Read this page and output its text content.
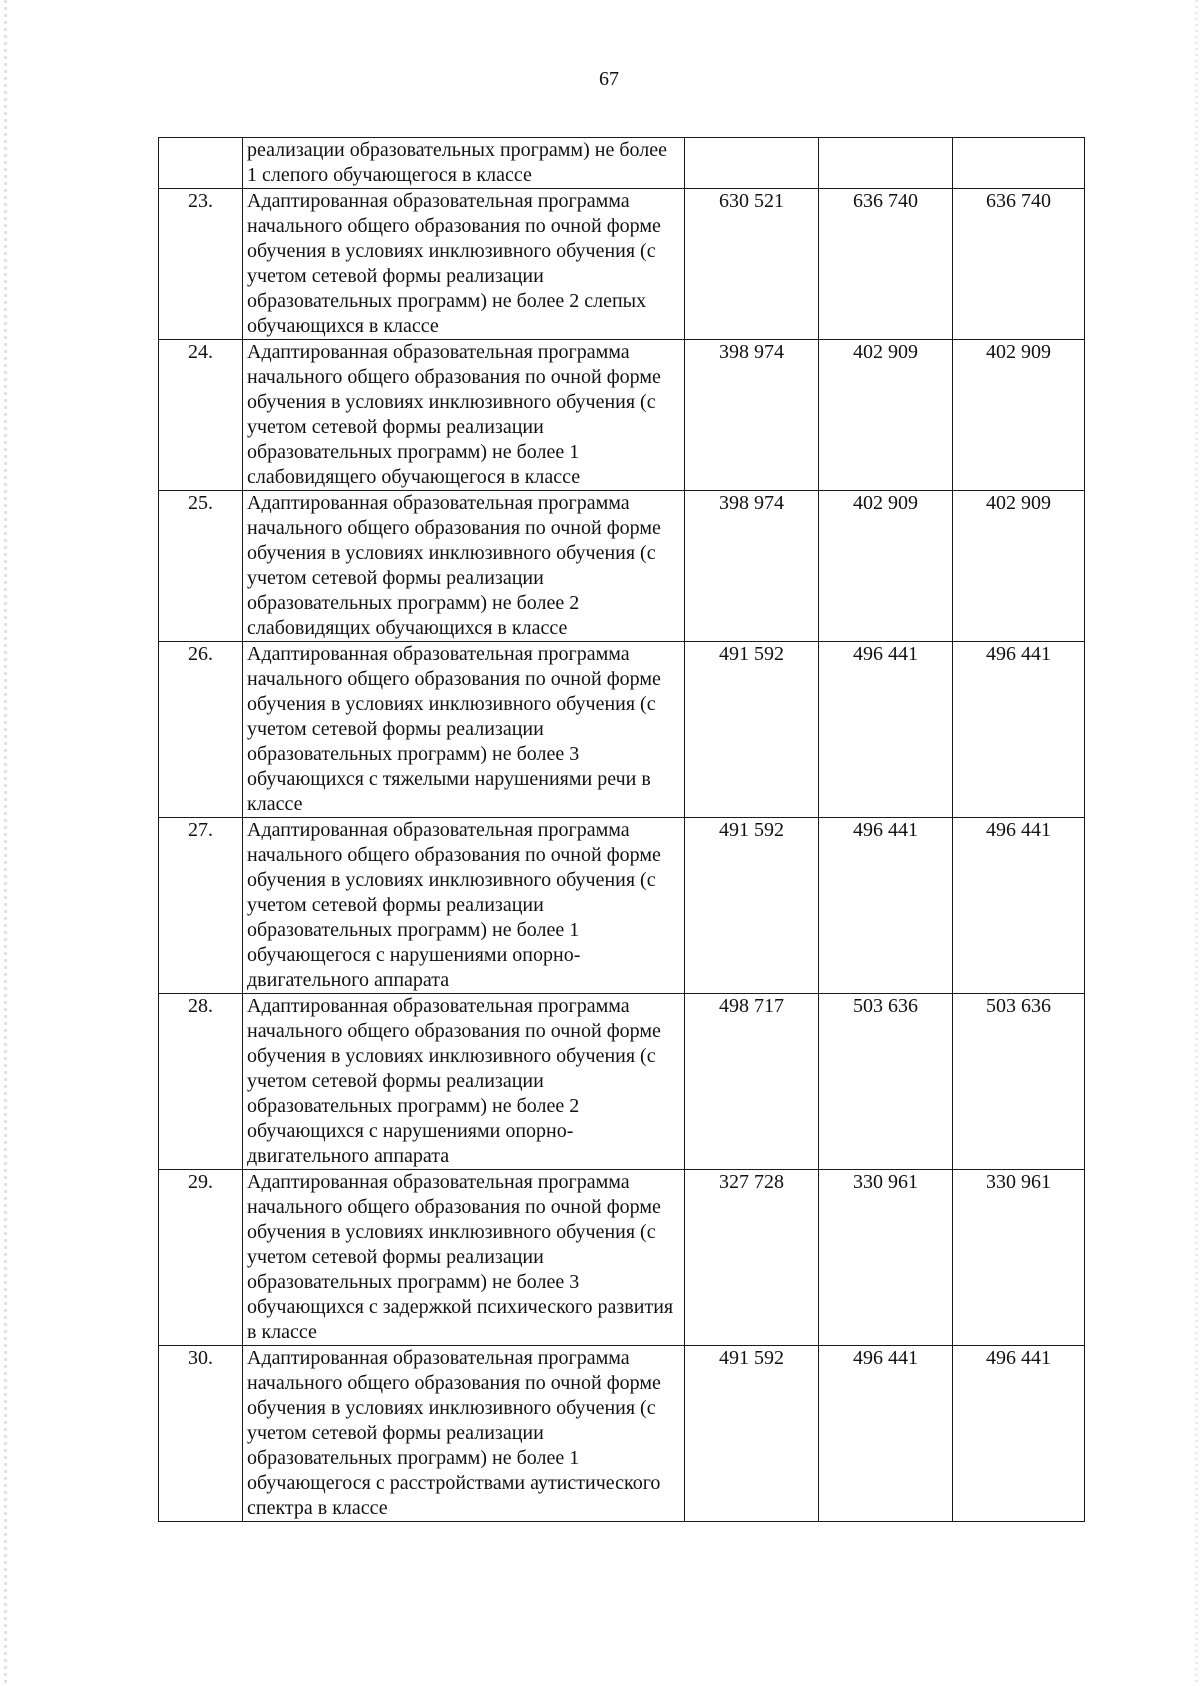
67
	реализации образовательных программ) не более 1 слепого обучающегося в классе			
23.	Адаптированная образовательная программа начального общего образования по очной форме обучения в условиях инклюзивного обучения (с учетом сетевой формы реализации образовательных программ) не более 2 слепых обучающихся в классе	630 521	636 740	636 740
24.	Адаптированная образовательная программа начального общего образования по очной форме обучения в условиях инклюзивного обучения (с учетом сетевой формы реализации образовательных программ) не более 1 слабовидящего обучающегося в классе	398 974	402 909	402 909
25.	Адаптированная образовательная программа начального общего образования по очной форме обучения в условиях инклюзивного обучения (с учетом сетевой формы реализации образовательных программ) не более 2 слабовидящих обучающихся в классе	398 974	402 909	402 909
26.	Адаптированная образовательная программа начального общего образования по очной форме обучения в условиях инклюзивного обучения (с учетом сетевой формы реализации образовательных программ) не более 3 обучающихся с тяжелыми нарушениями речи в классе	491 592	496 441	496 441
27.	Адаптированная образовательная программа начального общего образования по очной форме обучения в условиях инклюзивного обучения (с учетом сетевой формы реализации образовательных программ) не более 1 обучающегося с нарушениями опорно-двигательного аппарата	491 592	496 441	496 441
28.	Адаптированная образовательная программа начального общего образования по очной форме обучения в условиях инклюзивного обучения (с учетом сетевой формы реализации образовательных программ) не более 2 обучающихся с нарушениями опорно-двигательного аппарата	498 717	503 636	503 636
29.	Адаптированная образовательная программа начального общего образования по очной форме обучения в условиях инклюзивного обучения (с учетом сетевой формы реализации образовательных программ) не более 3 обучающихся с задержкой психического развития в классе	327 728	330 961	330 961
30.	Адаптированная образовательная программа начального общего образования по очной форме обучения в условиях инклюзивного обучения (с учетом сетевой формы реализации образовательных программ) не более 1 обучающегося с расстройствами аутистического спектра в классе	491 592	496 441	496 441
